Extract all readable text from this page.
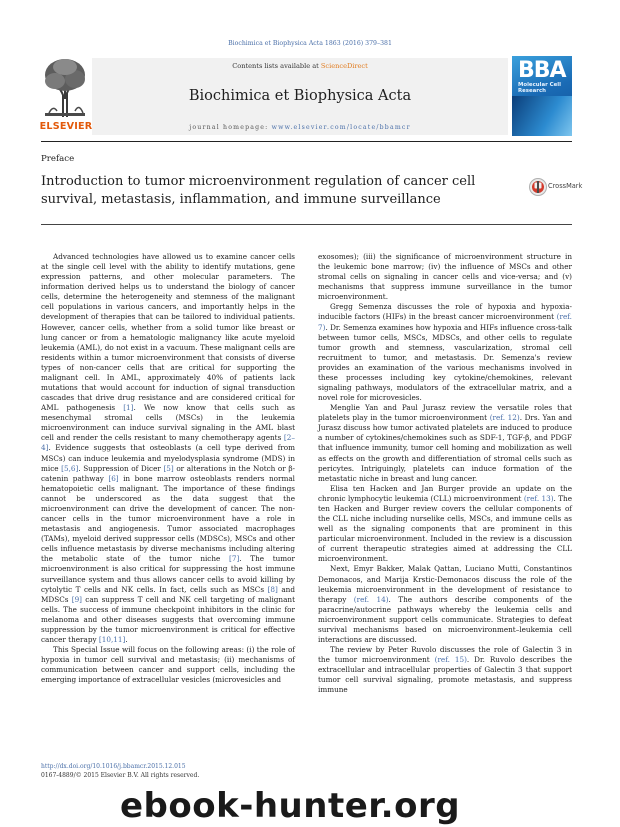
Biochimica et Biophysica Acta 1863 (2016) 379–381
Contents lists available at ScienceDirect
Biochimica et Biophysica Acta
journal homepage: www.elsevier.com/locate/bbamcr
ELSEVIER
BBA
Molecular Cell Research
Preface
Introduction to tumor microenvironment regulation of cancer cell survival, metastasis, inflammation, and immune surveillance
CrossMark

Advanced technologies have allowed us to examine cancer cells at the single cell level with the ability to identify mutations, gene expression patterns, and other molecular parameters. The information derived helps us to understand the biology of cancer cells, determine the heterogeneity and stemness of the malignant cell populations in various cancers, and importantly helps in the development of therapies that can be tailored to individual patients. However, cancer cells, whether from a solid tumor like breast or lung cancer or from a hematologic malignancy like acute myeloid leukemia (AML), do not exist in a vacuum. These malignant cells are residents within a tumor microenvironment that consists of diverse types of non-cancer cells that are critical for supporting the malignant cell. In AML, approximately 40% of patients lack mutations that would account for induction of signal transduction cascades that drive drug resistance and are considered critical for AML pathogenesis [1]. We now know that cells such as mesenchymal stromal cells (MSCs) in the leukemia microenvironment can induce survival signaling in the AML blast cell and render the cells resistant to many chemotherapy agents [2–4]. Evidence suggests that osteoblasts (a cell type derived from MSCs) can induce leukemia and myelodysplasia syndrome (MDS) in mice [5,6]. Suppression of Dicer [5] or alterations in the Notch or β-catenin pathway [6] in bone marrow osteoblasts renders normal hematopoietic cells malignant. The importance of these findings cannot be underscored as the data suggest that the microenvironment can drive the development of cancer. The non-cancer cells in the tumor microenvironment have a role in metastasis and angiogenesis. Tumor associated macrophages (TAMs), myeloid derived suppressor cells (MDSCs), MSCs and other cells influence metastasis by diverse mechanisms including altering the metabolic state of the tumor niche [7]. The tumor microenvironment is also critical for suppressing the host immune surveillance system and thus allows cancer cells to avoid killing by cytolytic T cells and NK cells. In fact, cells such as MSCs [8] and MDSCs [9] can suppress T cell and NK cell targeting of malignant cells. The success of immune checkpoint inhibitors in the clinic for melanoma and other diseases suggests that overcoming immune suppression by the tumor microenvironment is critical for effective cancer therapy [10,11].

This Special Issue will focus on the following areas: (i) the role of hypoxia in tumor cell survival and metastasis; (ii) mechanisms of communication between cancer and support cells, including the emerging importance of extracellular vesicles (microvesicles and

exosomes); (iii) the significance of microenvironment structure in the leukemic bone marrow; (iv) the influence of MSCs and other stromal cells on signaling in cancer cells and vice-versa; and (v) mechanisms that suppress immune surveillance in the tumor microenvironment.

Gregg Semenza discusses the role of hypoxia and hypoxia-inducible factors (HIFs) in the breast cancer microenvironment (ref. 7). Dr. Semenza examines how hypoxia and HIFs influence cross-talk between tumor cells, MSCs, MDSCs, and other cells to regulate tumor growth and stemness, vascularization, stromal cell recruitment to tumor, and metastasis. Dr. Semenza's review provides an examination of the various mechanisms involved in these processes including key cytokine/chemokines, relevant signaling pathways, modulators of the extracellular matrix, and a novel role for microvesicles.

Menglie Yan and Paul Jurasz review the versatile roles that platelets play in the tumor microenvironment (ref. 12). Drs. Yan and Jurasz discuss how tumor activated platelets are induced to produce a number of cytokines/chemokines such as SDF-1, TGF-β, and PDGF that influence immunity, tumor cell homing and mobilization as well as effects on the growth and differentiation of stromal cells such as pericytes. Intriguingly, platelets can induce formation of the metastatic niche in breast and lung cancer.

Elisa ten Hacken and Jan Burger provide an update on the chronic lymphocytic leukemia (CLL) microenvironment (ref. 13). The ten Hacken and Burger review covers the cellular components of the CLL niche including nurselike cells, MSCs, and immune cells as well as the signaling components that are prominent in this particular microenvironment. Included in the review is a discussion of current therapeutic strategies aimed at addressing the CLL microenvironment.

Next, Emyr Bakker, Malak Qattan, Luciano Mutti, Constantinos Demonacos, and Marija Krstic-Demonacos discuss the role of the leukemia microenvironment in the development of resistance to therapy (ref. 14). The authors describe components of the paracrine/autocrine pathways whereby the leukemia cells and microenvironment support cells communicate. Strategies to defeat survival mechanisms based on microenvironment–leukemia cell interactions are discussed.

The review by Peter Ruvolo discusses the role of Galectin 3 in the tumor microenvironment (ref. 15). Dr. Ruvolo describes the extracellular and intracellular properties of Galectin 3 that support tumor cell survival signaling, promote metastasis, and suppress immune

http://dx.doi.org/10.1016/j.bbamcr.2015.12.015
0167-4889/© 2015 Elsevier B.V. All rights reserved.
ebook-hunter.org
